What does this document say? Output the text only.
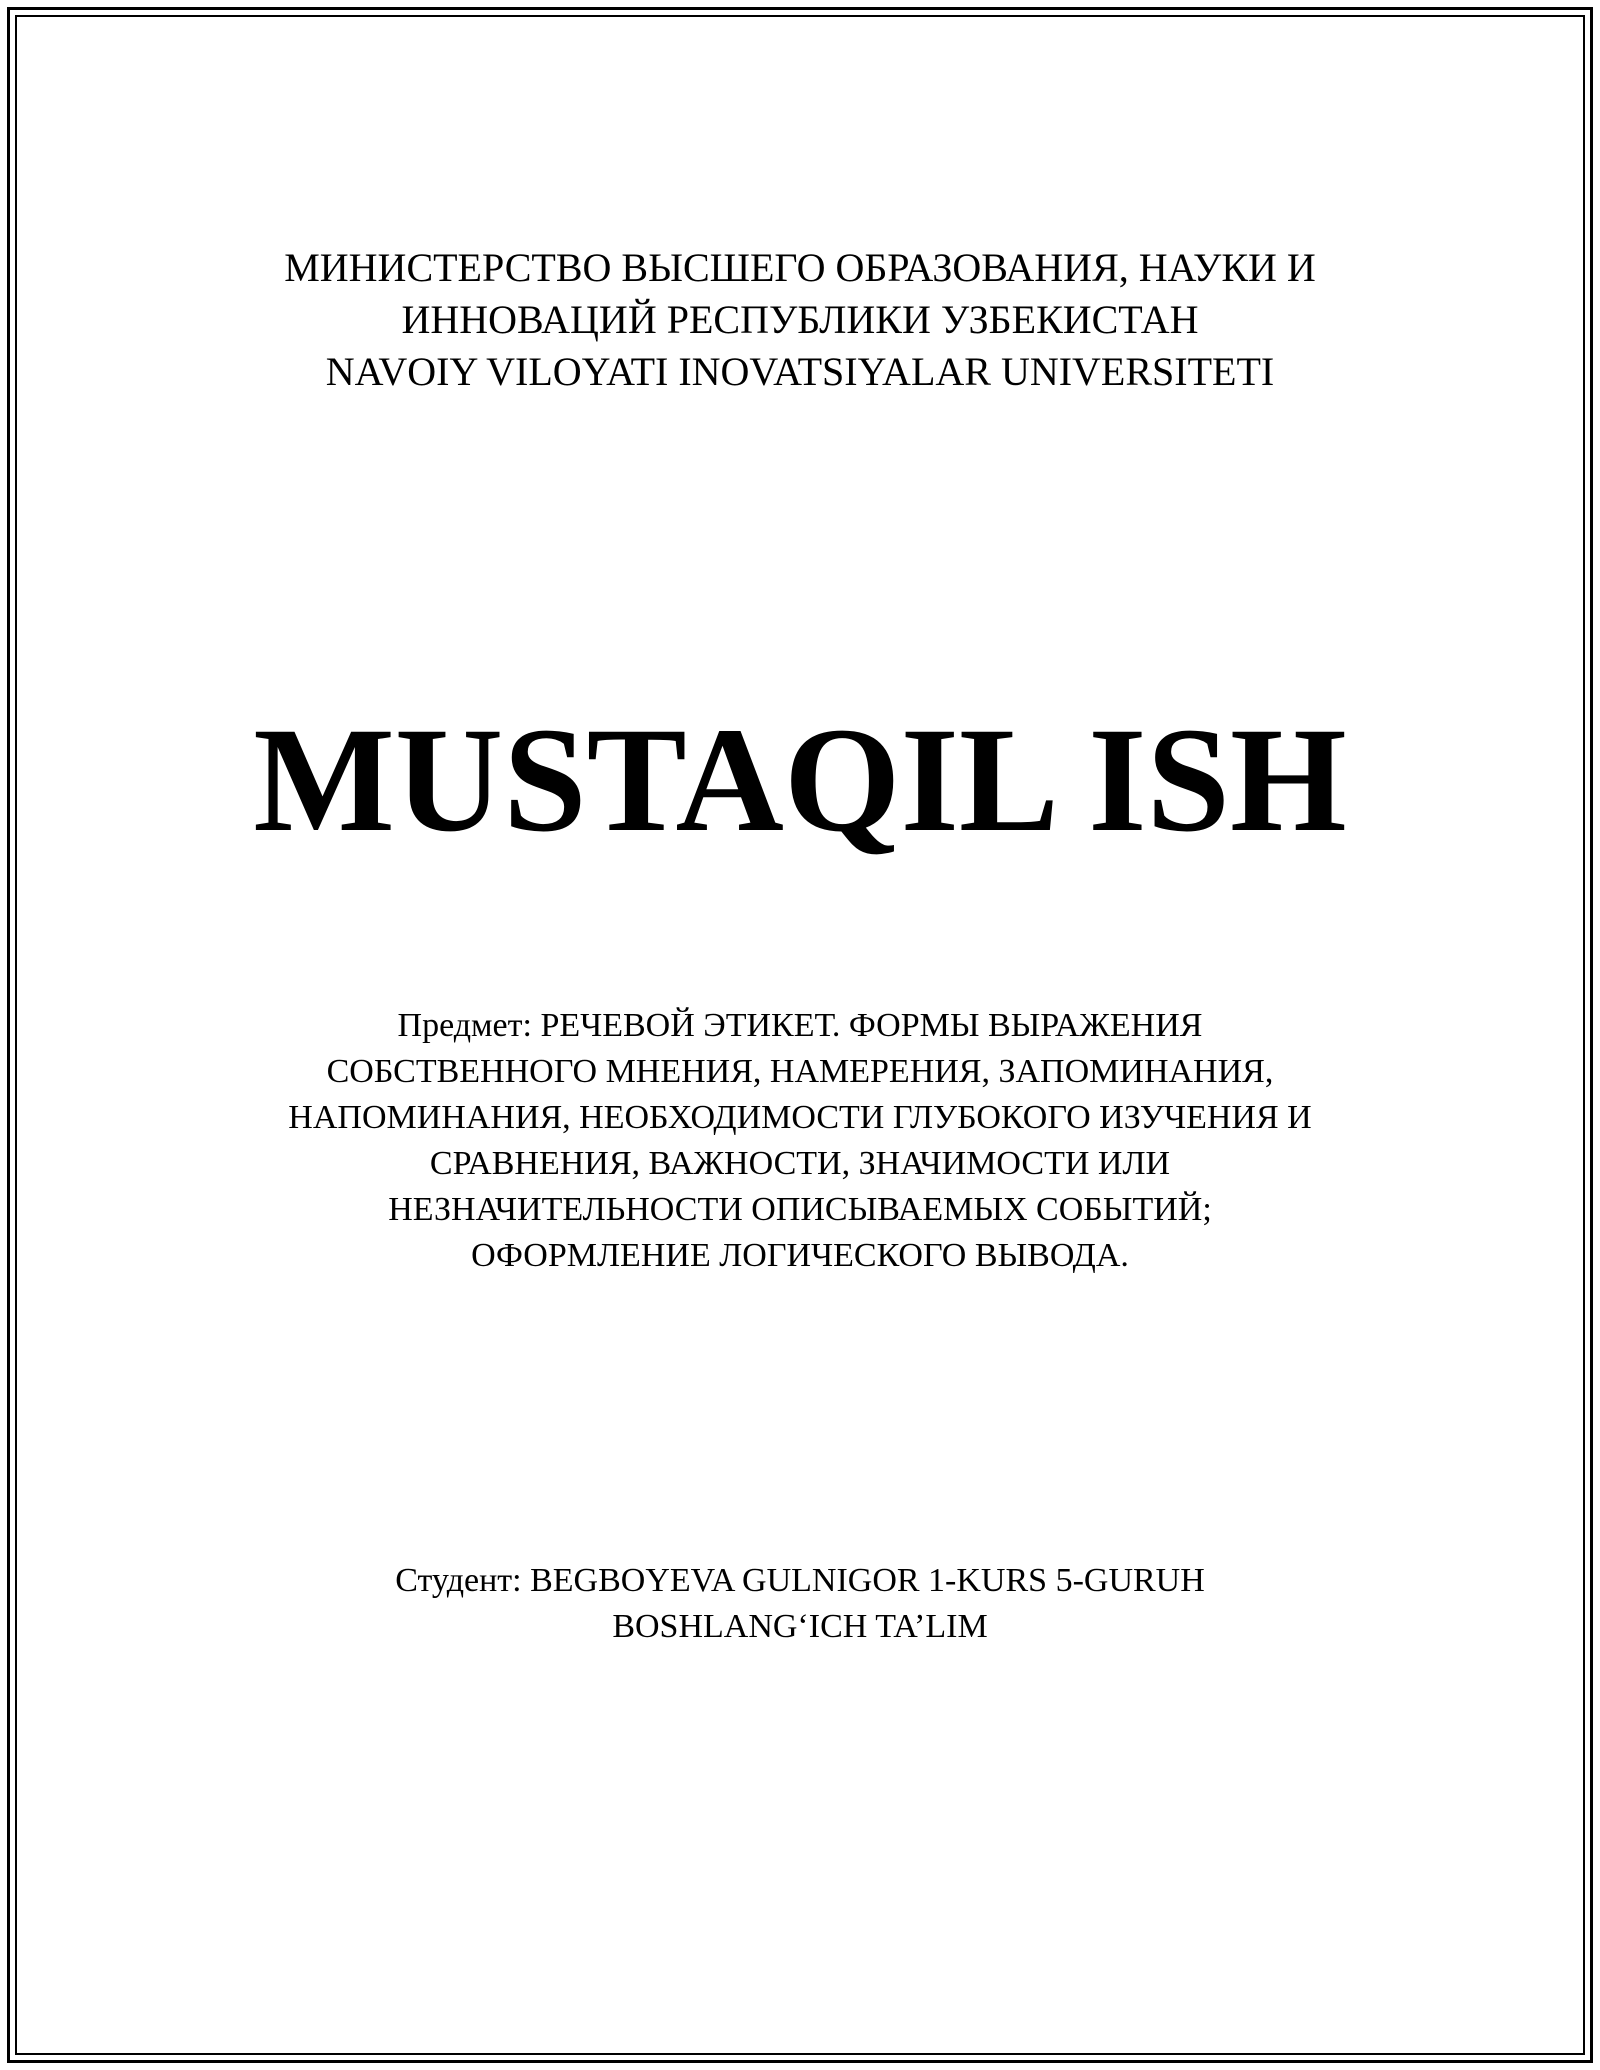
МИНИСТЕРСТВО ВЫСШЕГО ОБРАЗОВАНИЯ, НАУКИ И
ИННОВАЦИЙ РЕСПУБЛИКИ УЗБЕКИСТАН
NAVOIY VILOYATI INOVATSIYALAR UNIVERSITETI
MUSTAQIL ISH
Предмет: РЕЧЕВОЙ ЭТИКЕТ. ФОРМЫ ВЫРАЖЕНИЯ
СОБСТВЕННОГО МНЕНИЯ, НАМЕРЕНИЯ, ЗАПОМИНАНИЯ,
НАПОМИНАНИЯ, НЕОБХОДИМОСТИ ГЛУБОКОГО ИЗУЧЕНИЯ И
СРАВНЕНИЯ, ВАЖНОСТИ, ЗНАЧИМОСТИ ИЛИ
НЕЗНАЧИТЕЛЬНОСТИ ОПИСЫВАЕМЫХ СОБЫТИЙ;
ОФОРМЛЕНИЕ ЛОГИЧЕСКОГО ВЫВОДА.
Студент: BEGBOYEVA GULNIGOR 1-KURS 5-GURUH
BOSHLANG‘ICH TA’LIM
